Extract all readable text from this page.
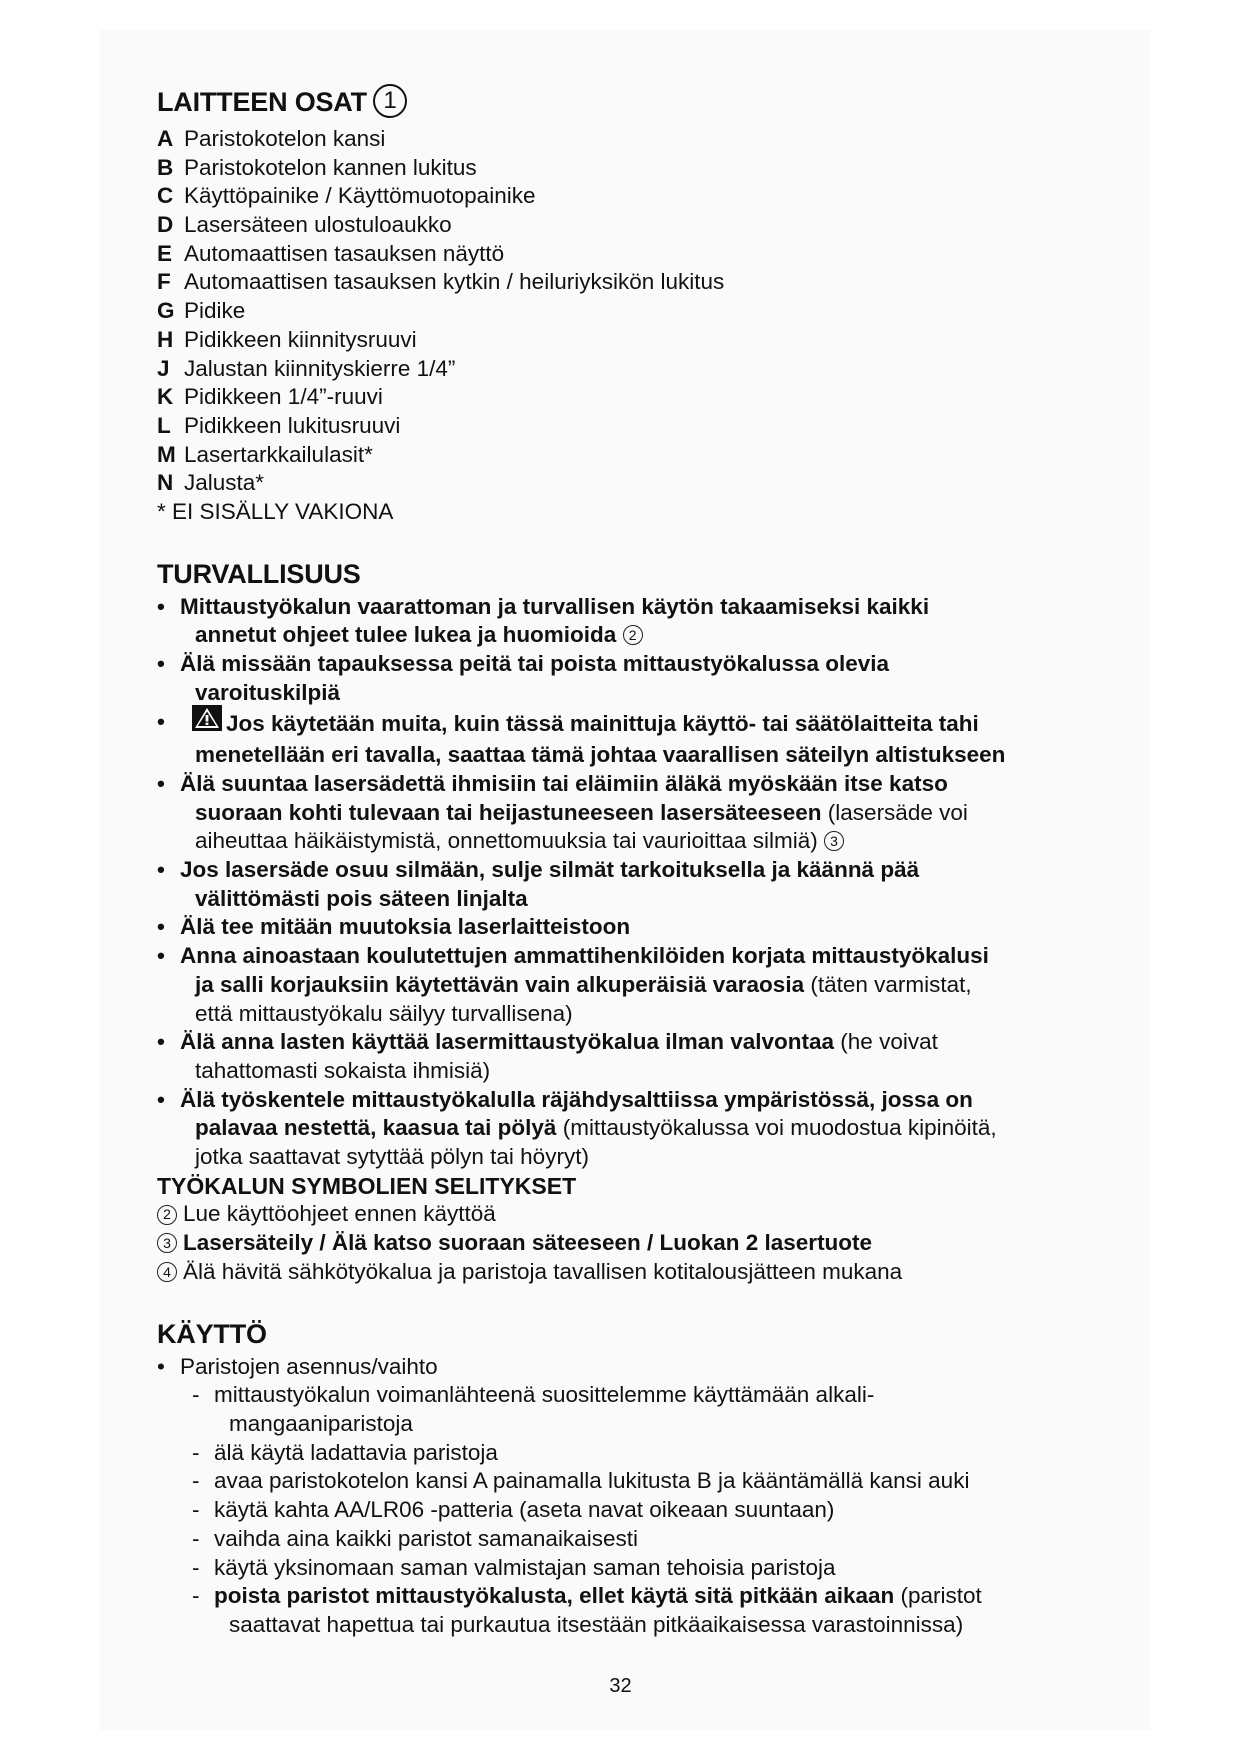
LAITTEEN OSAT 1
A Paristokotelon kansi
B Paristokotelon kannen lukitus
C Käyttöpainike / Käyttömuotopainike
D Lasersäteen ulostuloaukko
E Automaattisen tasauksen näyttö
F Automaattisen tasauksen kytkin / heiluriyksikön lukitus
G Pidike
H Pidikkeen kiinnitysruuvi
J Jalustan kiinnityskierre 1/4”
K Pidikkeen 1/4”-ruuvi
L Pidikkeen lukitusruuvi
M Lasertarkkailulasit*
N Jalusta*
* EI SISÄLLY VAKIONA
TURVALLISUUS
• Mittaustyökalun vaarattoman ja turvallisen käytön takaamiseksi kaikki
annetut ohjeet tulee lukea ja huomioida 2
• Älä missään tapauksessa peitä tai poista mittaustyökalussa olevia
varoituskilpiä
• Jos käytetään muita, kuin tässä mainittuja käyttö- tai säätölaitteita tahi
menetellään eri tavalla, saattaa tämä johtaa vaarallisen säteilyn altistukseen
• Älä suuntaa lasersädettä ihmisiin tai eläimiin äläkä myöskään itse katso
suoraan kohti tulevaan tai heijastuneeseen lasersäteeseen (lasersäde voi
aiheuttaa häikäistymistä, onnettomuuksia tai vaurioittaa silmiä) 3
• Jos lasersäde osuu silmään, sulje silmät tarkoituksella ja käännä pää
välittömästi pois säteen linjalta
• Älä tee mitään muutoksia laserlaitteistoon
• Anna ainoastaan koulutettujen ammattihenkilöiden korjata mittaustyökalusi
ja salli korjauksiin käytettävän vain alkuperäisiä varaosia (täten varmistat,
että mittaustyökalu säilyy turvallisena)
• Älä anna lasten käyttää lasermittaustyökalua ilman valvontaa (he voivat
tahattomasti sokaista ihmisiä)
• Älä työskentele mittaustyökalulla räjähdysalttiissa ympäristössä, jossa on
palavaa nestettä, kaasua tai pölyä (mittaustyökalussa voi muodostua kipinöitä,
jotka saattavat sytyttää pölyn tai höyryt)
TYÖKALUN SYMBOLIEN SELITYKSET
2 Lue käyttöohjeet ennen käyttöä
3 Lasersäteily / Älä katso suoraan säteeseen / Luokan 2 lasertuote
4 Älä hävitä sähkötyökalua ja paristoja tavallisen kotitalousjätteen mukana
KÄYTTÖ
• Paristojen asennus/vaihto
- mittaustyökalun voimanlähteenä suosittelemme käyttämään alkali-
mangaaniparistoja
- älä käytä ladattavia paristoja
- avaa paristokotelon kansi A painamalla lukitusta B ja kääntämällä kansi auki
- käytä kahta AA/LR06 -patteria (aseta navat oikeaan suuntaan)
- vaihda aina kaikki paristot samanaikaisesti
- käytä yksinomaan saman valmistajan saman tehoisia paristoja
- poista paristot mittaustyökalusta, ellet käytä sitä pitkään aikaan (paristot
saattavat hapettua tai purkautua itsestään pitkäaikaisessa varastoinnissa)
32
